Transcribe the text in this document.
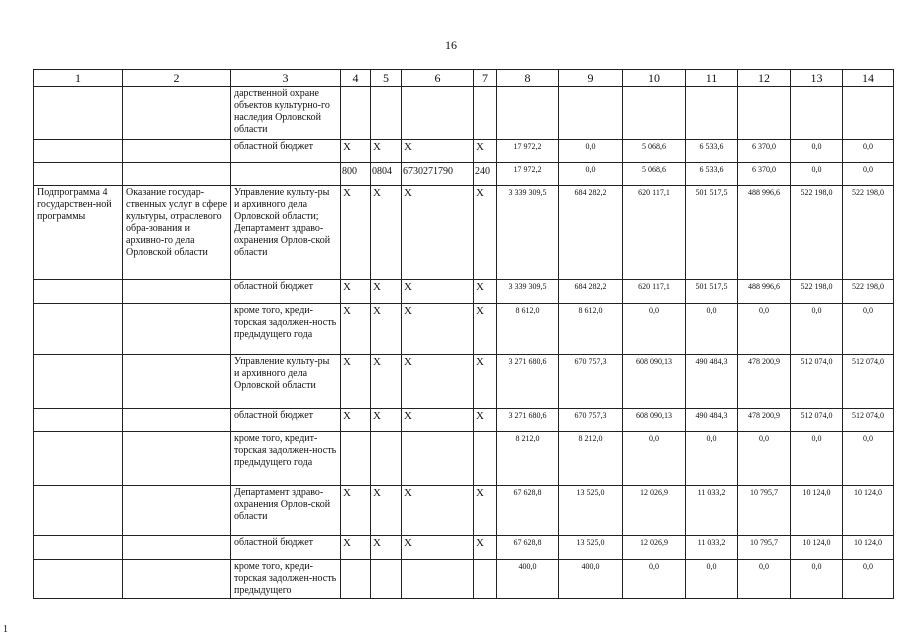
16
1
1	2	3	4	5	6	7	8	9	10	11	12	13	14
		дарственной охране объектов культурно-го наследия Орловской области											
		областной бюджет	X	X	X	X	17 972,2	0,0	5 068,6	6 533,6	6 370,0	0,0	0,0
			800	0804	6730271790	240	17 972,2	0,0	5 068,6	6 533,6	6 370,0	0,0	0,0
Подпрограмма 4 государствен-ной программы	Оказание государ-ственных услуг в сфере культуры, отраслевого обра-зования и архивно-го дела Орловской области	Управление культу-ры и архивного дела Орловской области; Департамент здраво-охранения Орлов-ской области	X	X	X	X	3 339 309,5	684 282,2	620 117,1	501 517,5	488 996,6	522 198,0	522 198,0
		областной бюджет	X	X	X	X	3 339 309,5	684 282,2	620 117,1	501 517,5	488 996,6	522 198,0	522 198,0
		кроме того, креди-торская задолжен-ность предыдущего года	X	X	X	X	8 612,0	8 612,0	0,0	0,0	0,0	0,0	0,0
		Управление культу-ры и архивного дела Орловской области	X	X	X	X	3 271 680,6	670 757,3	608 090,13	490 484,3	478 200,9	512 074,0	512 074,0
		областной бюджет	X	X	X	X	3 271 680,6	670 757,3	608 090,13	490 484,3	478 200,9	512 074,0	512 074,0
		кроме того, кредит-торская задолжен-ность предыдущего года					8 212,0	8 212,0	0,0	0,0	0,0	0,0	0,0
		Департамент здраво-охранения Орлов-ской области	X	X	X	X	67 628,8	13 525,0	12 026,9	11 033,2	10 795,7	10 124,0	10 124,0
		областной бюджет	X	X	X	X	67 628,8	13 525,0	12 026,9	11 033,2	10 795,7	10 124,0	10 124,0
		кроме того, креди-торская задолжен-ность предыдущего					400,0	400,0	0,0	0,0	0,0	0,0	0,0
